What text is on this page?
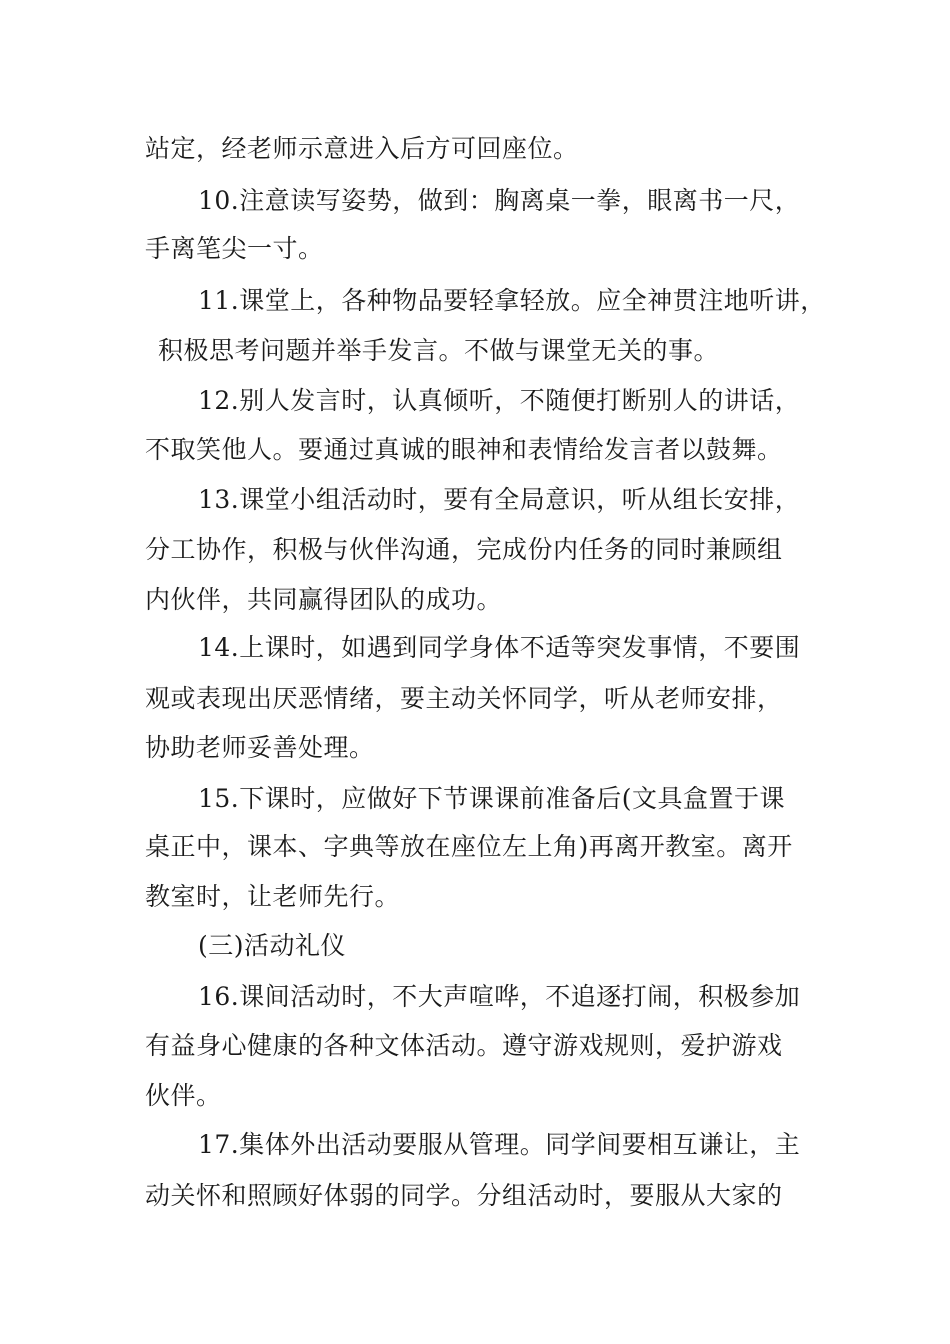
站定，经老师示意进入后方可回座位。
10.注意读写姿势，做到：胸离桌一拳，眼离书一尺，
手离笔尖一寸。
11.课堂上，各种物品要轻拿轻放。应全神贯注地听讲，
积极思考问题并举手发言。不做与课堂无关的事。
12.别人发言时，认真倾听，不随便打断别人的讲话，
不取笑他人。要通过真诚的眼神和表情给发言者以鼓舞。
13.课堂小组活动时，要有全局意识，听从组长安排，
分工协作，积极与伙伴沟通，完成份内任务的同时兼顾组
内伙伴，共同赢得团队的成功。
14.上课时，如遇到同学身体不适等突发事情，不要围
观或表现出厌恶情绪，要主动关怀同学，听从老师安排，
协助老师妥善处理。
15.下课时，应做好下节课课前准备后(文具盒置于课
桌正中，课本、字典等放在座位左上角)再离开教室。离开
教室时，让老师先行。
(三)活动礼仪
16.课间活动时，不大声喧哗，不追逐打闹，积极参加
有益身心健康的各种文体活动。遵守游戏规则，爱护游戏
伙伴。
17.集体外出活动要服从管理。同学间要相互谦让，主
动关怀和照顾好体弱的同学。分组活动时，要服从大家的
